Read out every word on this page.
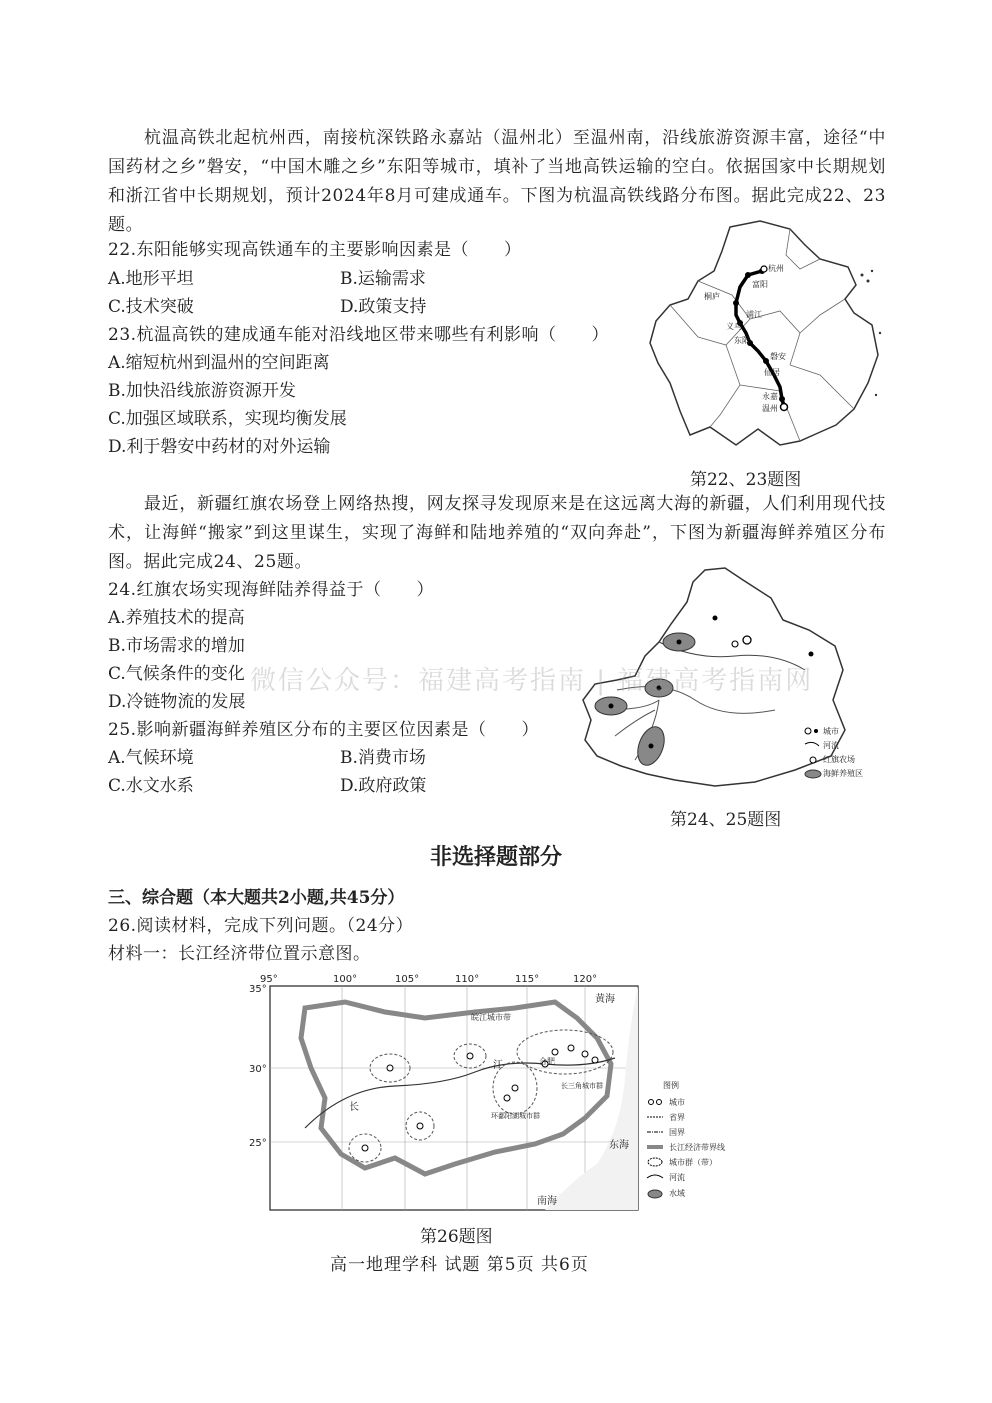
杭温高铁北起杭州西，南接杭深铁路永嘉站（温州北）至温州南，沿线旅游资源丰富，途径“中国药材之乡”磐安，“中国木雕之乡”东阳等城市，填补了当地高铁运输的空白。依据国家中长期规划和浙江省中长期规划，预计2024年8月可建成通车。下图为杭温高铁线路分布图。据此完成22、23题。
22.东阳能够实现高铁通车的主要影响因素是（　　）
A.地形平坦	B.运输需求
C.技术突破	D.政策支持
23.杭温高铁的建成通车能对沿线地区带来哪些有利影响（　　）
A.缩短杭州到温州的空间距离
B.加快沿线旅游资源开发
C.加强区域联系，实现均衡发展
D.利于磐安中药材的对外运输
杭州
富阳
桐庐
浦江
义乌
东阳
磐安
仙居
永嘉
温州
第22、23题图
最近，新疆红旗农场登上网络热搜，网友探寻发现原来是在这远离大海的新疆，人们利用现代技术，让海鲜“搬家”到这里谋生，实现了海鲜和陆地养殖的“双向奔赴”，下图为新疆海鲜养殖区分布图。据此完成24、25题。
24.红旗农场实现海鲜陆养得益于（　　）
A.养殖技术的提高
B.市场需求的增加
C.气候条件的变化
D.冷链物流的发展
25.影响新疆海鲜养殖区分布的主要区位因素是（　　）
A.气候环境	B.消费市场
C.水文水系	D.政府政策
城市
河流
红旗农场
海鲜养殖区
第24、25题图
微信公众号：福建高考指南 | 福建高考指南网
非选择题部分
三、综合题（本大题共2小题,共45分）
26.阅读材料，完成下列问题。（24分）
材料一：长江经济带位置示意图。
95°	100°	105°	110°	115°	120°
35°
30°
25°
黄海
东海
南海
长
江	合肥
皖江城市带
长三角城市群
环鄱阳湖城市群
图例
城市
省界
国界
长江经济带界线
城市群（带）
河流
水域
第26题图
高一地理学科 试题 第5页 共6页
